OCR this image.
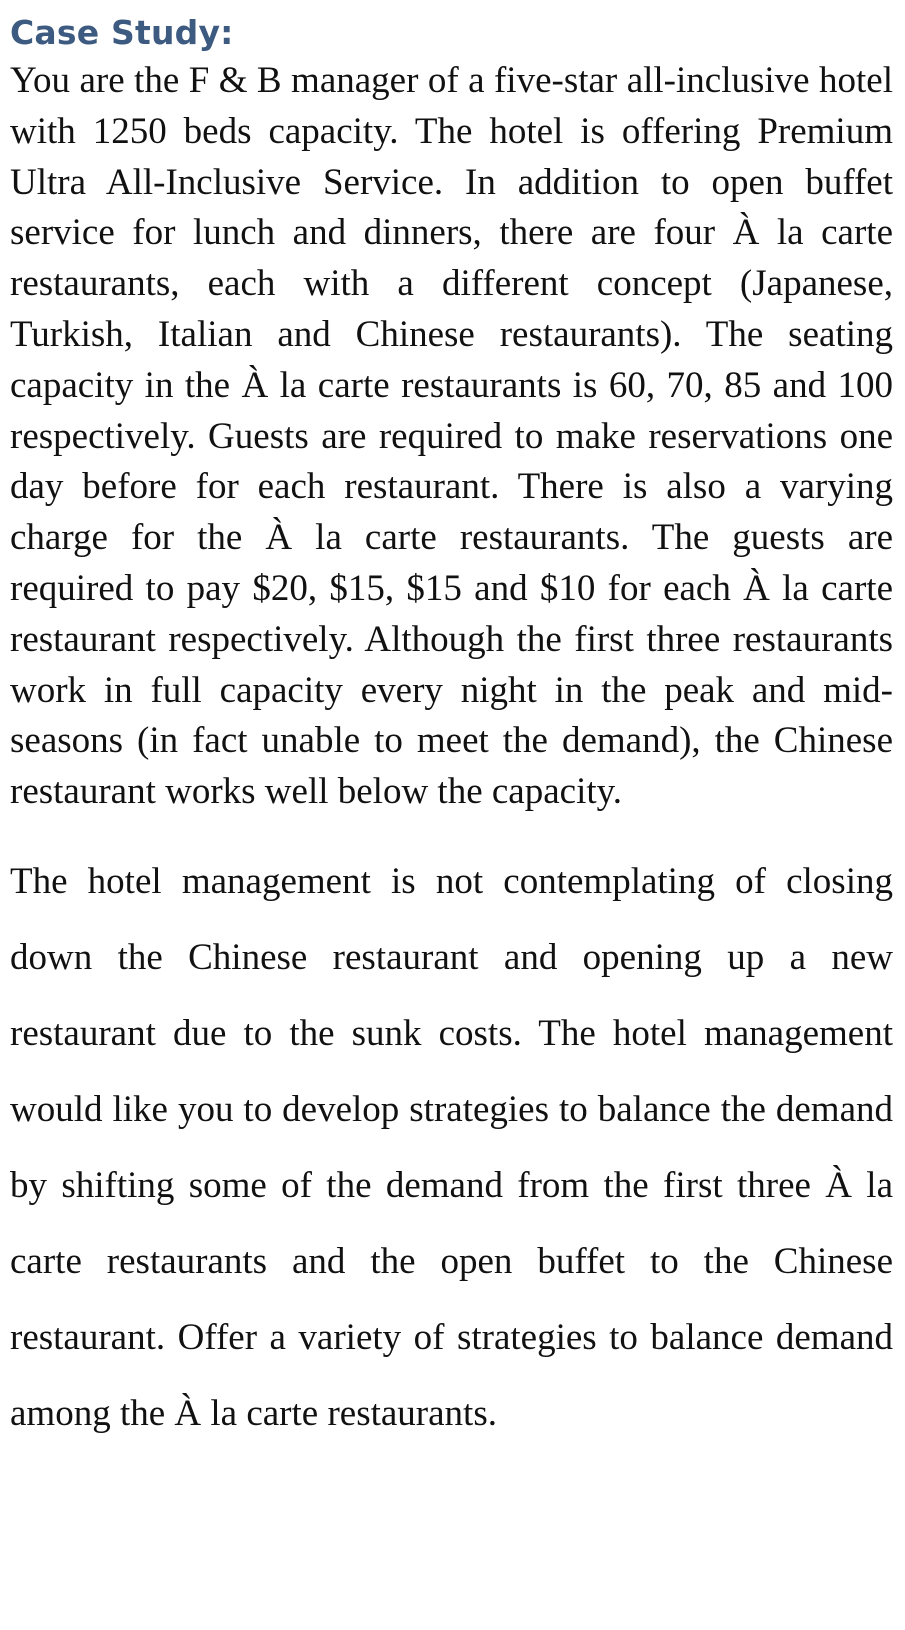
Case Study:

You are the F & B manager of a five-star all-inclusive hotel with 1250 beds capacity. The hotel is offering Premium Ultra All-Inclusive Service. In addition to open buffet service for lunch and dinners, there are four À la carte restaurants, each with a different concept (Japanese, Turkish, Italian and Chinese restaurants). The seating capacity in the À la carte restaurants is 60, 70, 85 and 100 respectively. Guests are required to make reservations one day before for each restaurant. There is also a varying charge for the À la carte restaurants. The guests are required to pay $20, $15, $15 and $10 for each À la carte restaurant respectively. Although the first three restaurants work in full capacity every night in the peak and mid-seasons (in fact unable to meet the demand), the Chinese restaurant works well below the capacity.

The hotel management is not contemplating of closing down the Chinese restaurant and opening up a new restaurant due to the sunk costs. The hotel management would like you to develop strategies to balance the demand by shifting some of the demand from the first three À la carte restaurants and the open buffet to the Chinese restaurant. Offer a variety of strategies to balance demand among the À la carte restaurants.
